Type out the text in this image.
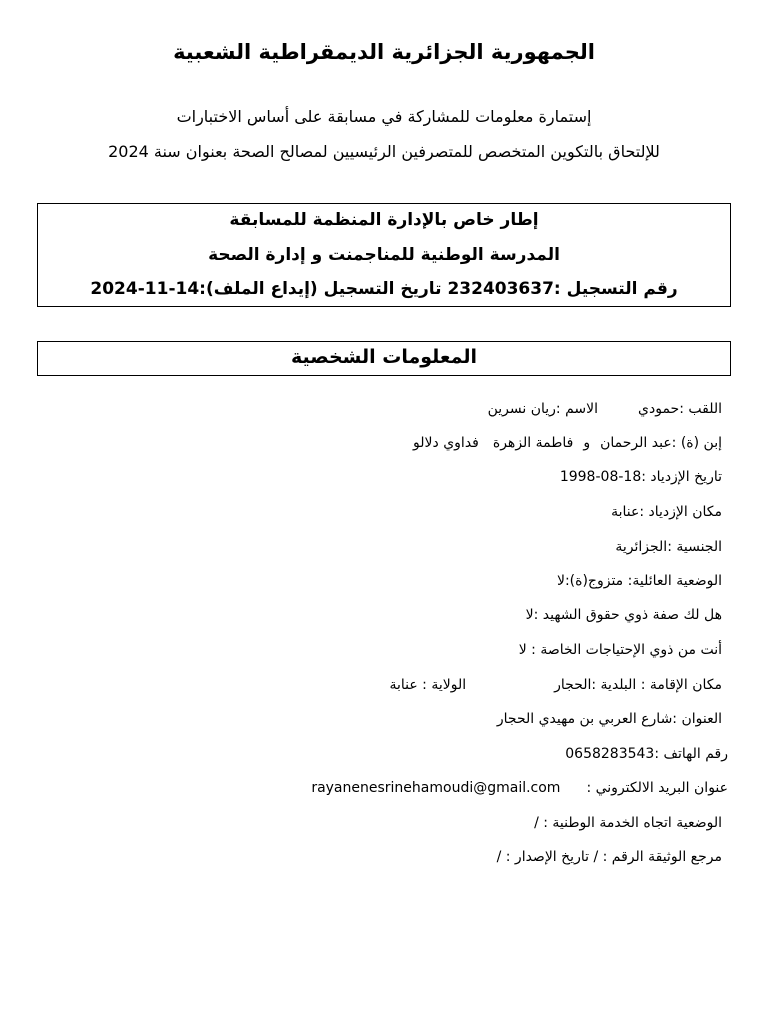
الجمهورية الجزائرية الديمقراطية الشعبية
إستمارة معلومات للمشاركة في مسابقة على أساس الاختبارات
للإلتحاق بالتكوين المتخصص للمتصرفين الرئيسيين لمصالح الصحة بعنوان سنة 2024
إطار خاص بالإدارة المنظمة للمسابقة
المدرسة الوطنية للمناجمنت و إدارة الصحة
رقم التسجيل :232403637 تاريخ التسجيل (إيداع الملف):14-11-2024
المعلومات الشخصية
اللقب :حموديالاسم :ريان نسرين
إبن (ة) :عبد الرحمانوفاطمة الزهرةفداوي دلالو
تاريخ الإزدياد :18-08-1998
مكان الإزدياد :عنابة
الجنسية :الجزائرية
الوضعية العائلية: متزوج(ة):لا
هل لك صفة ذوي حقوق الشهيد :لا
أنت من ذوي الإحتياجات الخاصة : لا
مكان الإقامة : البلدية :الحجارالولاية : عنابة
العنوان :شارع العربي بن مهيدي الحجار
رقم الهاتف :0658283543
عنوان البريد الالكتروني :rayanenesrinehamoudi@gmail.com
الوضعية اتجاه الخدمة الوطنية : /
مرجع الوثيقة الرقم : / تاريخ الإصدار : /
